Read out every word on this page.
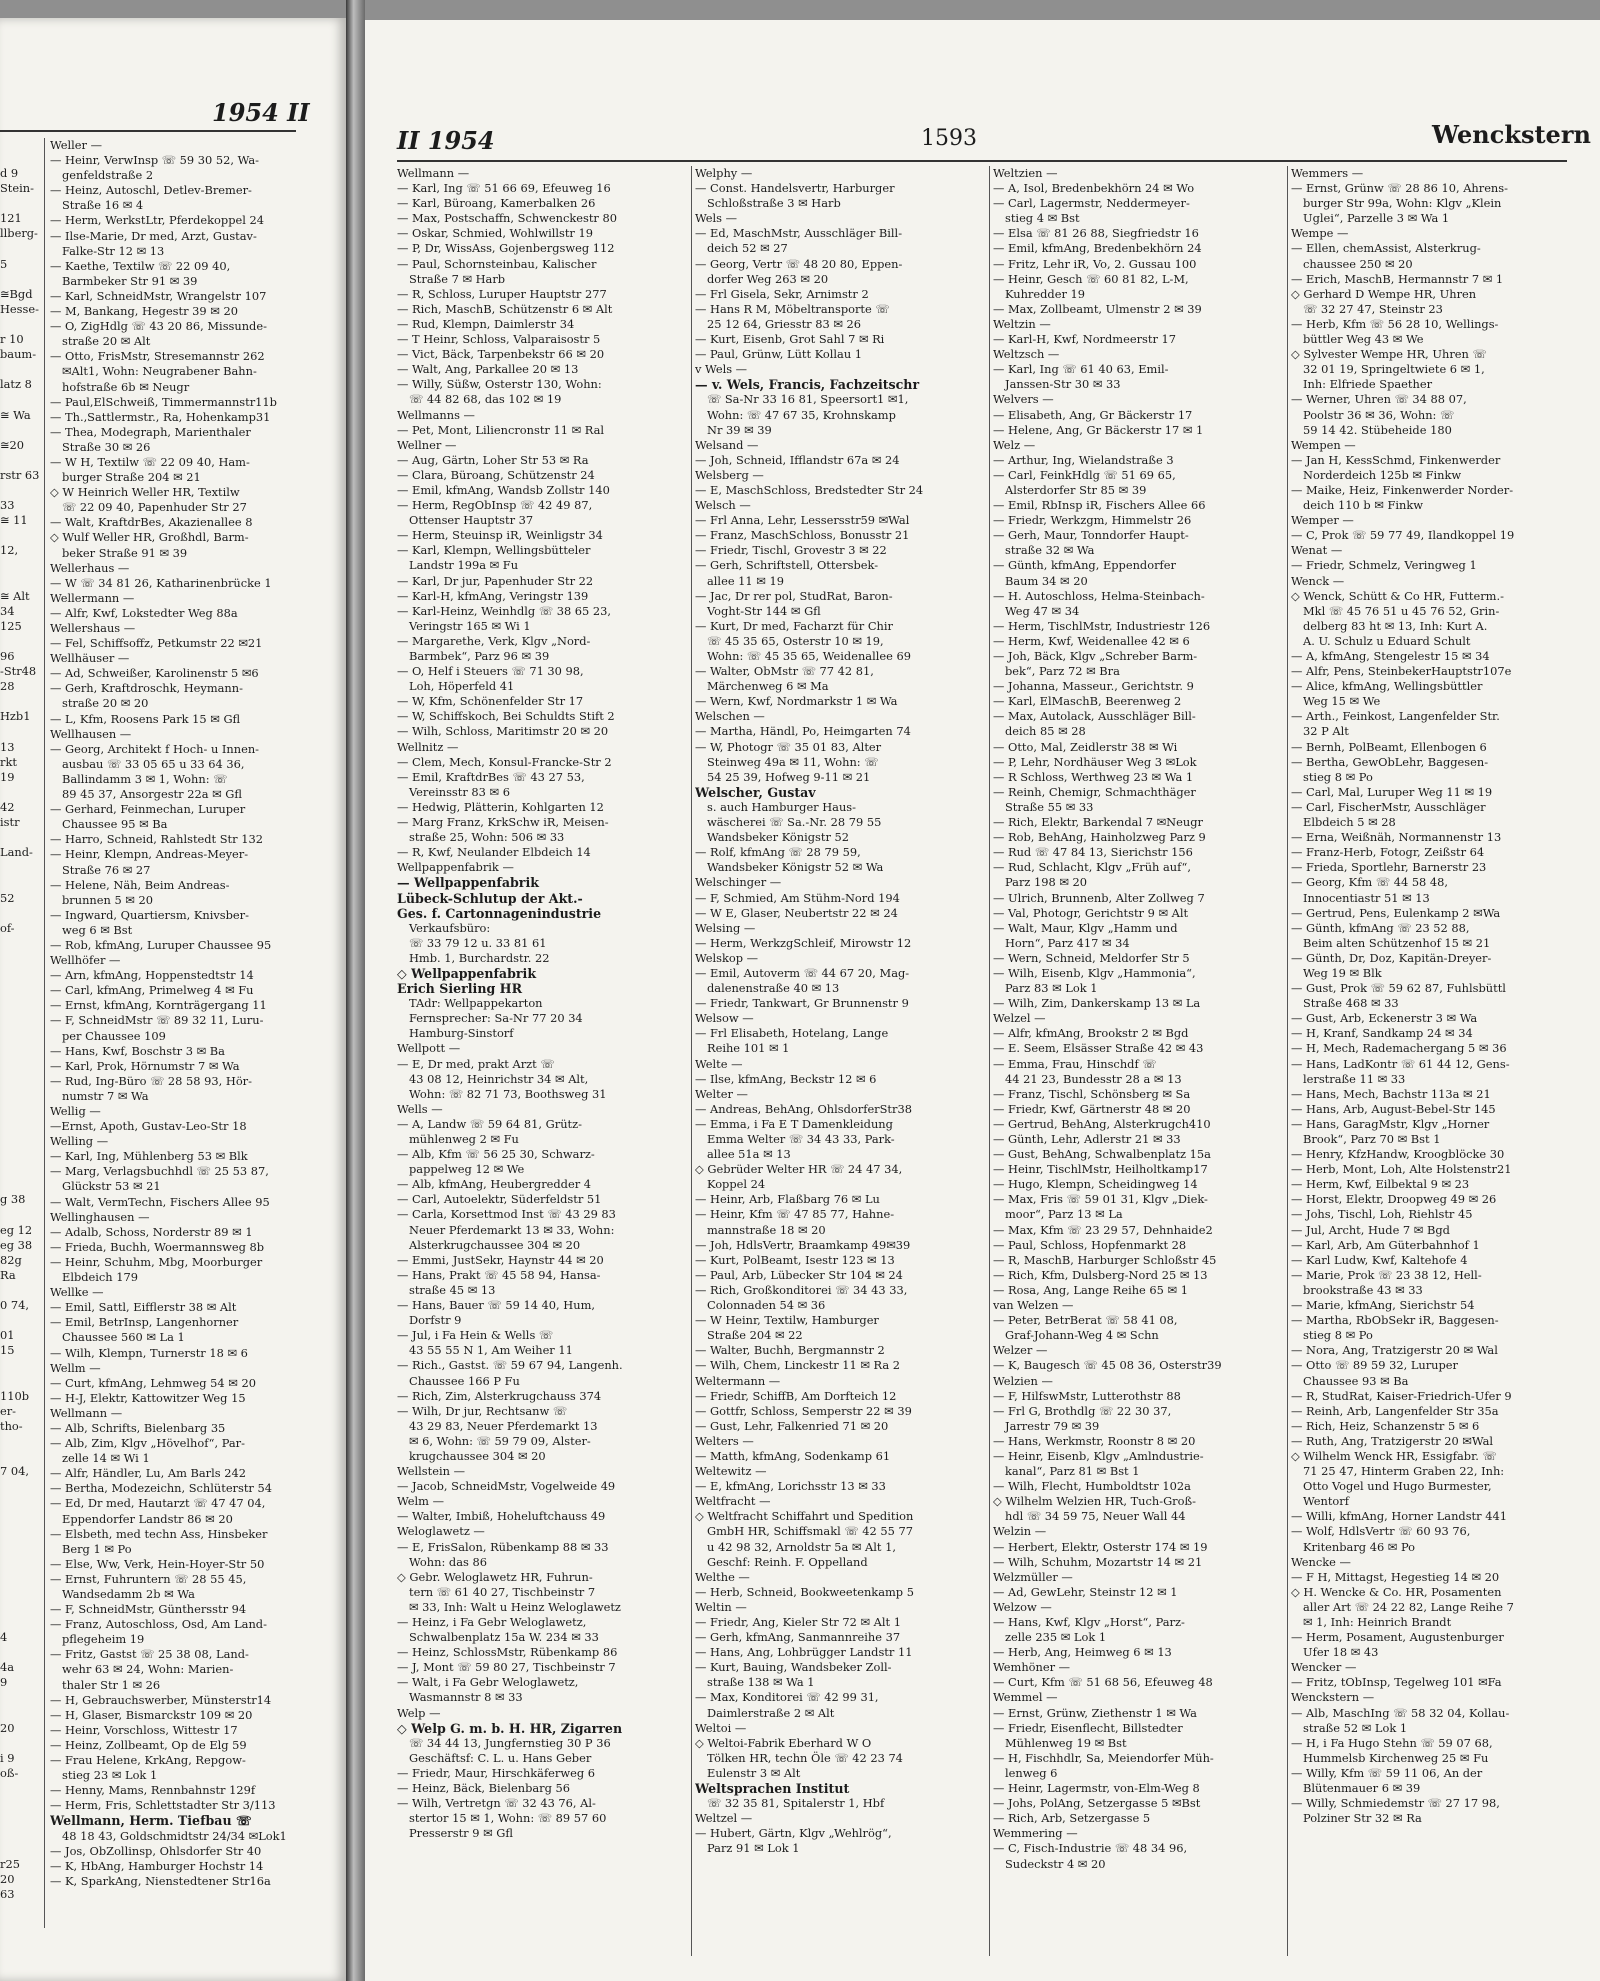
1954 II
Weller —
— Heinr, VerwInsp ☏ 59 30 52, Wa-
genfeldstraße 2
— Heinz, Autoschl, Detlev-Bremer-
Straße 16 ✉ 4
— Herm, WerkstLtr, Pferdekoppel 24
— Ilse-Marie, Dr med, Arzt, Gustav-
Falke-Str 12 ✉ 13
— Kaethe, Textilw ☏ 22 09 40,
Barmbeker Str 91 ✉ 39
— Karl, SchneidMstr, Wrangelstr 107
— M, Bankang, Hegestr 39 ✉ 20
— O, ZigHdlg ☏ 43 20 86, Missunde-
straße 20 ✉ Alt
— Otto, FrisMstr, Stresemannstr 262
✉Alt1, Wohn: Neugrabener Bahn-
hofstraße 6b ✉ Neugr
— Paul,ElSchweiß, Timmermannstr11b
— Th.,Sattlermstr., Ra, Hohenkamp31
— Thea, Modegraph, Marienthaler
Straße 30 ✉ 26
— W H, Textilw ☏ 22 09 40, Ham-
burger Straße 204 ✉ 21
◇ W Heinrich Weller HR, Textilw
☏ 22 09 40, Papenhuder Str 27
— Walt, KraftdrBes, Akazienallee 8
◇ Wulf Weller HR, Großhdl, Barm-
beker Straße 91 ✉ 39
Wellerhaus —
— W ☏ 34 81 26, Katharinenbrücke 1
Wellermann —
— Alfr, Kwf, Lokstedter Weg 88a
Wellershaus —
— Fel, Schiffsoffz, Petkumstr 22 ✉21
Wellhäuser —
— Ad, Schweißer, Karolinenstr 5 ✉6
— Gerh, Kraftdroschk, Heymann-
straße 20 ✉ 20
— L, Kfm, Roosens Park 15 ✉ Gfl
Wellhausen —
— Georg, Architekt f Hoch- u Innen-
ausbau ☏ 33 05 65 u 33 64 36,
Ballindamm 3 ✉ 1, Wohn: ☏
89 45 37, Ansorgestr 22a ✉ Gfl
— Gerhard, Feinmechan, Luruper
Chaussee 95 ✉ Ba
— Harro, Schneid, Rahlstedt Str 132
— Heinr, Klempn, Andreas-Meyer-
Straße 76 ✉ 27
— Helene, Näh, Beim Andreas-
brunnen 5 ✉ 20
— Ingward, Quartiersm, Knivsber-
weg 6 ✉ Bst
— Rob, kfmAng, Luruper Chaussee 95
Wellhöfer —
— Arn, kfmAng, Hoppenstedtstr 14
— Carl, kfmAng, Primelweg 4 ✉ Fu
— Ernst, kfmAng, Kornträgergang 11
— F, SchneidMstr ☏ 89 32 11, Luru-
per Chaussee 109
— Hans, Kwf, Boschstr 3 ✉ Ba
— Karl, Prok, Hörnumstr 7 ✉ Wa
— Rud, Ing-Büro ☏ 28 58 93, Hör-
numstr 7 ✉ Wa
Wellig —
—Ernst, Apoth, Gustav-Leo-Str 18
Welling —
— Karl, Ing, Mühlenberg 53 ✉ Blk
— Marg, Verlagsbuchhdl ☏ 25 53 87,
Glückstr 53 ✉ 21
— Walt, VermTechn, Fischers Allee 95
Wellinghausen —
— Adalb, Schoss, Norderstr 89 ✉ 1
— Frieda, Buchh, Woermannsweg 8b
— Heinr, Schuhm, Mbg, Moorburger
Elbdeich 179
Wellke —
— Emil, Sattl, Eifflerstr 38 ✉ Alt
— Emil, BetrInsp, Langenhorner
Chaussee 560 ✉ La 1
— Wilh, Klempn, Turnerstr 18 ✉ 6
Wellm —
— Curt, kfmAng, Lehmweg 54 ✉ 20
— H-J, Elektr, Kattowitzer Weg 15
Wellmann —
— Alb, Schrifts, Bielenbarg 35
— Alb, Zim, Klgv „Hövelhof“, Par-
zelle 14 ✉ Wi 1
— Alfr, Händler, Lu, Am Barls 242
— Bertha, Modezeichn, Schlüterstr 54
— Ed, Dr med, Hautarzt ☏ 47 47 04,
Eppendorfer Landstr 86 ✉ 20
— Elsbeth, med techn Ass, Hinsbeker
Berg 1 ✉ Po
— Else, Ww, Verk, Hein-Hoyer-Str 50
— Ernst, Fuhruntern ☏ 28 55 45,
Wandsedamm 2b ✉ Wa
— F, SchneidMstr, Günthersstr 94
— Franz, Autoschloss, Osd, Am Land-
pflegeheim 19
— Fritz, Gastst ☏ 25 38 08, Land-
wehr 63 ✉ 24, Wohn: Marien-
thaler Str 1 ✉ 26
— H, Gebrauchswerber, Münsterstr14
— H, Glaser, Bismarckstr 109 ✉ 20
— Heinr, Vorschloss, Wittestr 17
— Heinz, Zollbeamt, Op de Elg 59
— Frau Helene, KrkAng, Repgow-
stieg 23 ✉ Lok 1
— Henny, Mams, Rennbahnstr 129f
— Herm, Fris, Schlettstadter Str 3/113
Wellmann, Herm. Tiefbau ☏
48 18 43, Goldschmidtstr 24/34 ✉Lok1
— Jos, ObZollinsp, Ohlsdorfer Str 40
— K, HbAng, Hamburger Hochstr 14
— K, SparkAng, Nienstedtener Str16a
d 9
Stein-
121
llberg-
5
≅Bgd
Hesse-
r 10
baum-
latz 8
≅ Wa
≅20
rstr 63
33
≅ 11
12,
≅ Alt
34
125
96
-Str48
28
Hzb1
13
rkt
19
42
istr
Land-
52
of-
g 38
eg 12
eg 38
82g
Ra
0 74,
01
15
110b
er-
tho-
7 04,
4
4a
9
20
i 9
oß-
r25
20
63
II 1954	1593	Wenckstern
Wellmann —
— Karl, Ing ☏ 51 66 69, Efeuweg 16
— Karl, Büroang, Kamerbalken 26
— Max, Postschaffn, Schwenckestr 80
— Oskar, Schmied, Wohlwillstr 19
— P, Dr, WissAss, Gojenbergsweg 112
— Paul, Schornsteinbau, Kalischer
Straße 7 ✉ Harb
— R, Schloss, Luruper Hauptstr 277
— Rich, MaschB, Schützenstr 6 ✉ Alt
— Rud, Klempn, Daimlerstr 34
— T Heinr, Schloss, Valparaisostr 5
— Vict, Bäck, Tarpenbekstr 66 ✉ 20
— Walt, Ang, Parkallee 20 ✉ 13
— Willy, Süßw, Osterstr 130, Wohn:
☏ 44 82 68, das 102 ✉ 19
Wellmanns —
— Pet, Mont, Liliencronstr 11 ✉ Ral
Wellner —
— Aug, Gärtn, Loher Str 53 ✉ Ra
— Clara, Büroang, Schützenstr 24
— Emil, kfmAng, Wandsb Zollstr 140
— Herm, RegObInsp ☏ 42 49 87,
Ottenser Hauptstr 37
— Herm, Steuinsp iR, Weinligstr 34
— Karl, Klempn, Wellingsbütteler
Landstr 199a ✉ Fu
— Karl, Dr jur, Papenhuder Str 22
— Karl-H, kfmAng, Veringstr 139
— Karl-Heinz, Weinhdlg ☏ 38 65 23,
Veringstr 165 ✉ Wi 1
— Margarethe, Verk, Klgv „Nord-
Barmbek“, Parz 96 ✉ 39
— O, Helf i Steuers ☏ 71 30 98,
Loh, Höperfeld 41
— W, Kfm, Schönenfelder Str 17
— W, Schiffskoch, Bei Schuldts Stift 2
— Wilh, Schloss, Maritimstr 20 ✉ 20
Wellnitz —
— Clem, Mech, Konsul-Francke-Str 2
— Emil, KraftdrBes ☏ 43 27 53,
Vereinsstr 83 ✉ 6
— Hedwig, Plätterin, Kohlgarten 12
— Marg Franz, KrkSchw iR, Meisen-
straße 25, Wohn: 506 ✉ 33
— R, Kwf, Neulander Elbdeich 14
Wellpappenfabrik —
— Wellpappenfabrik
Lübeck-Schlutup der Akt.-
Ges. f. Cartonnagenindustrie
Verkaufsbüro:
☏ 33 79 12 u. 33 81 61
Hmb. 1, Burchardstr. 22
◇ Wellpappenfabrik
Erich Sierling HR
TAdr: Wellpappekarton
Fernsprecher: Sa-Nr 77 20 34
Hamburg-Sinstorf
Wellpott —
— E, Dr med, prakt Arzt ☏
43 08 12, Heinrichstr 34 ✉ Alt,
Wohn: ☏ 82 71 73, Boothsweg 31
Wells —
— A, Landw ☏ 59 64 81, Grütz-
mühlenweg 2 ✉ Fu
— Alb, Kfm ☏ 56 25 30, Schwarz-
pappelweg 12 ✉ We
— Alb, kfmAng, Heubergredder 4
— Carl, Autoelektr, Süderfeldstr 51
— Carla, Korsettmod Inst ☏ 43 29 83
Neuer Pferdemarkt 13 ✉ 33, Wohn:
Alsterkrugchaussee 304 ✉ 20
— Emmi, JustSekr, Haynstr 44 ✉ 20
— Hans, Prakt ☏ 45 58 94, Hansa-
straße 45 ✉ 13
— Hans, Bauer ☏ 59 14 40, Hum,
Dorfstr 9
— Jul, i Fa Hein & Wells ☏
43 55 55 N 1, Am Weiher 11
— Rich., Gastst. ☏ 59 67 94, Langenh.
Chaussee 166 P Fu
— Rich, Zim, Alsterkrugchauss 374
— Wilh, Dr jur, Rechtsanw ☏
43 29 83, Neuer Pferdemarkt 13
✉ 6, Wohn: ☏ 59 79 09, Alster-
krugchaussee 304 ✉ 20
Wellstein —
— Jacob, SchneidMstr, Vogelweide 49
Welm —
— Walter, Imbiß, Hoheluftchauss 49
Weloglawetz —
— E, FrisSalon, Rübenkamp 88 ✉ 33
Wohn: das 86
◇ Gebr. Weloglawetz HR, Fuhrun-
tern ☏ 61 40 27, Tischbeinstr 7
✉ 33, Inh: Walt u Heinz Weloglawetz
— Heinz, i Fa Gebr Weloglawetz,
Schwalbenplatz 15a W. 234 ✉ 33
— Heinz, SchlossMstr, Rübenkamp 86
— J, Mont ☏ 59 80 27, Tischbeinstr 7
— Walt, i Fa Gebr Weloglawetz,
Wasmannstr 8 ✉ 33
Welp —
◇ Welp G. m. b. H. HR, Zigarren
☏ 34 44 13, Jungfernstieg 30 P 36
Geschäftsf: C. L. u. Hans Geber
— Friedr, Maur, Hirschkäferweg 6
— Heinz, Bäck, Bielenbarg 56
— Wilh, Vertretgn ☏ 32 43 76, Al-
stertor 15 ✉ 1, Wohn: ☏ 89 57 60
Presserstr 9 ✉ Gfl
Welphy —
— Const. Handelsvertr, Harburger
Schloßstraße 3 ✉ Harb
Wels —
— Ed, MaschMstr, Ausschläger Bill-
deich 52 ✉ 27
— Georg, Vertr ☏ 48 20 80, Eppen-
dorfer Weg 263 ✉ 20
— Frl Gisela, Sekr, Arnimstr 2
— Hans R M, Möbeltransporte ☏
25 12 64, Griesstr 83 ✉ 26
— Kurt, Eisenb, Grot Sahl 7 ✉ Ri
— Paul, Grünw, Lütt Kollau 1
v Wels —
— v. Wels, Francis, Fachzeitschr
☏ Sa-Nr 33 16 81, Speersort1 ✉1,
Wohn: ☏ 47 67 35, Krohnskamp
Nr 39 ✉ 39
Welsand —
— Joh, Schneid, Ifflandstr 67a ✉ 24
Welsberg —
— E, MaschSchloss, Bredstedter Str 24
Welsch —
— Frl Anna, Lehr, Lessersstr59 ✉Wal
— Franz, MaschSchloss, Bonusstr 21
— Friedr, Tischl, Grovestr 3 ✉ 22
— Gerh, Schriftstell, Ottersbek-
allee 11 ✉ 19
— Jac, Dr rer pol, StudRat, Baron-
Voght-Str 144 ✉ Gfl
— Kurt, Dr med, Facharzt für Chir
☏ 45 35 65, Osterstr 10 ✉ 19,
Wohn: ☏ 45 35 65, Weidenallee 69
— Walter, ObMstr ☏ 77 42 81,
Märchenweg 6 ✉ Ma
— Wern, Kwf, Nordmarkstr 1 ✉ Wa
Welschen —
— Martha, Händl, Po, Heimgarten 74
— W, Photogr ☏ 35 01 83, Alter
Steinweg 49a ✉ 11, Wohn: ☏
54 25 39, Hofweg 9-11 ✉ 21
Welscher, Gustav
s. auch Hamburger Haus-
wäscherei ☏ Sa.-Nr. 28 79 55
Wandsbeker Königstr 52
— Rolf, kfmAng ☏ 28 79 59,
Wandsbeker Königstr 52 ✉ Wa
Welschinger —
— F, Schmied, Am Stühm-Nord 194
— W E, Glaser, Neubertstr 22 ✉ 24
Welsing —
— Herm, WerkzgSchleif, Mirowstr 12
Welskop —
— Emil, Autoverm ☏ 44 67 20, Mag-
dalenenstraße 40 ✉ 13
— Friedr, Tankwart, Gr Brunnenstr 9
Welsow —
— Frl Elisabeth, Hotelang, Lange
Reihe 101 ✉ 1
Welte —
— Ilse, kfmAng, Beckstr 12 ✉ 6
Welter —
— Andreas, BehAng, OhlsdorferStr38
— Emma, i Fa E T Damenkleidung
Emma Welter ☏ 34 43 33, Park-
allee 51a ✉ 13
◇ Gebrüder Welter HR ☏ 24 47 34,
Koppel 24
— Heinr, Arb, Flaßbarg 76 ✉ Lu
— Heinr, Kfm ☏ 47 85 77, Hahne-
mannstraße 18 ✉ 20
— Joh, HdlsVertr, Braamkamp 49✉39
— Kurt, PolBeamt, Isestr 123 ✉ 13
— Paul, Arb, Lübecker Str 104 ✉ 24
— Rich, Großkonditorei ☏ 34 43 33,
Colonnaden 54 ✉ 36
— W Heinr, Textilw, Hamburger
Straße 204 ✉ 22
— Walter, Buchh, Bergmannstr 2
— Wilh, Chem, Linckestr 11 ✉ Ra 2
Weltermann —
— Friedr, SchiffB, Am Dorfteich 12
— Gottfr, Schloss, Semperstr 22 ✉ 39
— Gust, Lehr, Falkenried 71 ✉ 20
Welters —
— Matth, kfmAng, Sodenkamp 61
Weltewitz —
— E, kfmAng, Lorichsstr 13 ✉ 33
Weltfracht —
◇ Weltfracht Schiffahrt und Spedition
GmbH HR, Schiffsmakl ☏ 42 55 77
u 42 98 32, Arnoldstr 5a ✉ Alt 1,
Geschf: Reinh. F. Oppelland
Welthe —
— Herb, Schneid, Bookweetenkamp 5
Weltin —
— Friedr, Ang, Kieler Str 72 ✉ Alt 1
— Gerh, kfmAng, Sanmannreihe 37
— Hans, Ang, Lohbrügger Landstr 11
— Kurt, Bauing, Wandsbeker Zoll-
straße 138 ✉ Wa 1
— Max, Konditorei ☏ 42 99 31,
Daimlerstraße 2 ✉ Alt
Weltoi —
◇ Weltoi-Fabrik Eberhard W O
Tölken HR, techn Öle ☏ 42 23 74
Eulenstr 3 ✉ Alt
Weltsprachen Institut
☏ 32 35 81, Spitalerstr 1, Hbf
Weltzel —
— Hubert, Gärtn, Klgv „Wehlrög“,
Parz 91 ✉ Lok 1
Weltzien —
— A, Isol, Bredenbekhörn 24 ✉ Wo
— Carl, Lagermstr, Neddermeyer-
stieg 4 ✉ Bst
— Elsa ☏ 81 26 88, Siegfriedstr 16
— Emil, kfmAng, Bredenbekhörn 24
— Fritz, Lehr iR, Vo, 2. Gussau 100
— Heinr, Gesch ☏ 60 81 82, L-M,
Kuhredder 19
— Max, Zollbeamt, Ulmenstr 2 ✉ 39
Weltzin —
— Karl-H, Kwf, Nordmeerstr 17
Weltzsch —
— Karl, Ing ☏ 61 40 63, Emil-
Janssen-Str 30 ✉ 33
Welvers —
— Elisabeth, Ang, Gr Bäckerstr 17
— Helene, Ang, Gr Bäckerstr 17 ✉ 1
Welz —
— Arthur, Ing, Wielandstraße 3
— Carl, FeinkHdlg ☏ 51 69 65,
Alsterdorfer Str 85 ✉ 39
— Emil, RbInsp iR, Fischers Allee 66
— Friedr, Werkzgm, Himmelstr 26
— Gerh, Maur, Tonndorfer Haupt-
straße 32 ✉ Wa
— Günth, kfmAng, Eppendorfer
Baum 34 ✉ 20
— H. Autoschloss, Helma-Steinbach-
Weg 47 ✉ 34
— Herm, TischlMstr, Industriestr 126
— Herm, Kwf, Weidenallee 42 ✉ 6
— Joh, Bäck, Klgv „Schreber Barm-
bek“, Parz 72 ✉ Bra
— Johanna, Masseur., Gerichtstr. 9
— Karl, ElMaschB, Beerenweg 2
— Max, Autolack, Ausschläger Bill-
deich 85 ✉ 28
— Otto, Mal, Zeidlerstr 38 ✉ Wi
— P, Lehr, Nordhäuser Weg 3 ✉Lok
— R Schloss, Werthweg 23 ✉ Wa 1
— Reinh, Chemigr, Schmachthäger
Straße 55 ✉ 33
— Rich, Elektr, Barkendal 7 ✉Neugr
— Rob, BehAng, Hainholzweg Parz 9
— Rud ☏ 47 84 13, Sierichstr 156
— Rud, Schlacht, Klgv „Früh auf“,
Parz 198 ✉ 20
— Ulrich, Brunnenb, Alter Zollweg 7
— Val, Photogr, Gerichtstr 9 ✉ Alt
— Walt, Maur, Klgv „Hamm und
Horn“, Parz 417 ✉ 34
— Wern, Schneid, Meldorfer Str 5
— Wilh, Eisenb, Klgv „Hammonia“,
Parz 83 ✉ Lok 1
— Wilh, Zim, Dankerskamp 13 ✉ La
Welzel —
— Alfr, kfmAng, Brookstr 2 ✉ Bgd
— E. Seem, Elsässer Straße 42 ✉ 43
— Emma, Frau, Hinschdf ☏
44 21 23, Bundesstr 28 a ✉ 13
— Franz, Tischl, Schönsberg ✉ Sa
— Friedr, Kwf, Gärtnerstr 48 ✉ 20
— Gertrud, BehAng, Alsterkrugch410
— Günth, Lehr, Adlerstr 21 ✉ 33
— Gust, BehAng, Schwalbenplatz 15a
— Heinr, TischlMstr, Heilholtkamp17
— Hugo, Klempn, Scheidingweg 14
— Max, Fris ☏ 59 01 31, Klgv „Diek-
moor“, Parz 13 ✉ La
— Max, Kfm ☏ 23 29 57, Dehnhaide2
— Paul, Schloss, Hopfenmarkt 28
— R, MaschB, Harburger Schloßstr 45
— Rich, Kfm, Dulsberg-Nord 25 ✉ 13
— Rosa, Ang, Lange Reihe 65 ✉ 1
van Welzen —
— Peter, BetrBerat ☏ 58 41 08,
Graf-Johann-Weg 4 ✉ Schn
Welzer —
— K, Baugesch ☏ 45 08 36, Osterstr39
Welzien —
— F, HilfswMstr, Lutterothstr 88
— Frl G, Brothdlg ☏ 22 30 37,
Jarrestr 79 ✉ 39
— Hans, Werkmstr, Roonstr 8 ✉ 20
— Heinr, Eisenb, Klgv „Amlndustrie-
kanal“, Parz 81 ✉ Bst 1
— Wilh, Flecht, Humboldtstr 102a
◇ Wilhelm Welzien HR, Tuch-Groß-
hdl ☏ 34 59 75, Neuer Wall 44
Welzin —
— Herbert, Elektr, Osterstr 174 ✉ 19
— Wilh, Schuhm, Mozartstr 14 ✉ 21
Welzmüller —
— Ad, GewLehr, Steinstr 12 ✉ 1
Welzow —
— Hans, Kwf, Klgv „Horst“, Parz-
zelle 235 ✉ Lok 1
— Herb, Ang, Heimweg 6 ✉ 13
Wemhöner —
— Curt, Kfm ☏ 51 68 56, Efeuweg 48
Wemmel —
— Ernst, Grünw, Ziethenstr 1 ✉ Wa
— Friedr, Eisenflecht, Billstedter
Mühlenweg 19 ✉ Bst
— H, Fischhdlr, Sa, Meiendorfer Müh-
lenweg 6
— Heinr, Lagermstr, von-Elm-Weg 8
— Johs, PolAng, Setzergasse 5 ✉Bst
— Rich, Arb, Setzergasse 5
Wemmering —
— C, Fisch-Industrie ☏ 48 34 96,
Sudeckstr 4 ✉ 20
Wemmers —
— Ernst, Grünw ☏ 28 86 10, Ahrens-
burger Str 99a, Wohn: Klgv „Klein
Uglei“, Parzelle 3 ✉ Wa 1
Wempe —
— Ellen, chemAssist, Alsterkrug-
chaussee 250 ✉ 20
— Erich, MaschB, Hermannstr 7 ✉ 1
◇ Gerhard D Wempe HR, Uhren
☏ 32 27 47, Steinstr 23
— Herb, Kfm ☏ 56 28 10, Wellings-
büttler Weg 43 ✉ We
◇ Sylvester Wempe HR, Uhren ☏
32 01 19, Springeltwiete 6 ✉ 1,
Inh: Elfriede Spaether
— Werner, Uhren ☏ 34 88 07,
Poolstr 36 ✉ 36, Wohn: ☏
59 14 42. Stübeheide 180
Wempen —
— Jan H, KessSchmd, Finkenwerder
Norderdeich 125b ✉ Finkw
— Maike, Heiz, Finkenwerder Norder-
deich 110 b ✉ Finkw
Wemper —
— C, Prok ☏ 59 77 49, Ilandkoppel 19
Wenat —
— Friedr, Schmelz, Veringweg 1
Wenck —
◇ Wenck, Schütt & Co HR, Futterm.-
Mkl ☏ 45 76 51 u 45 76 52, Grin-
delberg 83 ht ✉ 13, Inh: Kurt A.
A. U. Schulz u Eduard Schult
— A, kfmAng, Stengelestr 15 ✉ 34
— Alfr, Pens, SteinbekerHauptstr107e
— Alice, kfmAng, Wellingsbüttler
Weg 15 ✉ We
— Arth., Feinkost, Langenfelder Str.
32 P Alt
— Bernh, PolBeamt, Ellenbogen 6
— Bertha, GewObLehr, Baggesen-
stieg 8 ✉ Po
— Carl, Mal, Luruper Weg 11 ✉ 19
— Carl, FischerMstr, Ausschläger
Elbdeich 5 ✉ 28
— Erna, Weißnäh, Normannenstr 13
— Franz-Herb, Fotogr, Zeißstr 64
— Frieda, Sportlehr, Barnerstr 23
— Georg, Kfm ☏ 44 58 48,
Innocentiastr 51 ✉ 13
— Gertrud, Pens, Eulenkamp 2 ✉Wa
— Günth, kfmAng ☏ 23 52 88,
Beim alten Schützenhof 15 ✉ 21
— Günth, Dr, Doz, Kapitän-Dreyer-
Weg 19 ✉ Blk
— Gust, Prok ☏ 59 62 87, Fuhlsbüttl
Straße 468 ✉ 33
— Gust, Arb, Eckenerstr 3 ✉ Wa
— H, Kranf, Sandkamp 24 ✉ 34
— H, Mech, Rademachergang 5 ✉ 36
— Hans, LadKontr ☏ 61 44 12, Gens-
lerstraße 11 ✉ 33
— Hans, Mech, Bachstr 113a ✉ 21
— Hans, Arb, August-Bebel-Str 145
— Hans, GaragMstr, Klgv „Horner
Brook“, Parz 70 ✉ Bst 1
— Henry, KfzHandw, Kroogblöcke 30
— Herb, Mont, Loh, Alte Holstenstr21
— Herm, Kwf, Eilbektal 9 ✉ 23
— Horst, Elektr, Droopweg 49 ✉ 26
— Johs, Tischl, Loh, Riehlstr 45
— Jul, Archt, Hude 7 ✉ Bgd
— Karl, Arb, Am Güterbahnhof 1
— Karl Ludw, Kwf, Kaltehofe 4
— Marie, Prok ☏ 23 38 12, Hell-
brookstraße 43 ✉ 33
— Marie, kfmAng, Sierichstr 54
— Martha, RbObSekr iR, Baggesen-
stieg 8 ✉ Po
— Nora, Ang, Tratzigerstr 20 ✉ Wal
— Otto ☏ 89 59 32, Luruper
Chaussee 93 ✉ Ba
— R, StudRat, Kaiser-Friedrich-Ufer 9
— Reinh, Arb, Langenfelder Str 35a
— Rich, Heiz, Schanzenstr 5 ✉ 6
— Ruth, Ang, Tratzigerstr 20 ✉Wal
◇ Wilhelm Wenck HR, Essigfabr. ☏
71 25 47, Hinterm Graben 22, Inh:
Otto Vogel und Hugo Burmester,
Wentorf
— Willi, kfmAng, Horner Landstr 441
— Wolf, HdlsVertr ☏ 60 93 76,
Kritenbarg 46 ✉ Po
Wencke —
— F H, Mittagst, Hegestieg 14 ✉ 20
◇ H. Wencke & Co. HR, Posamenten
aller Art ☏ 24 22 82, Lange Reihe 7
✉ 1, Inh: Heinrich Brandt
— Herm, Posament, Augustenburger
Ufer 18 ✉ 43
Wencker —
— Fritz, tObInsp, Tegelweg 101 ✉Fa
Wenckstern —
— Alb, MaschIng ☏ 58 32 04, Kollau-
straße 52 ✉ Lok 1
— H, i Fa Hugo Stehn ☏ 59 07 68,
Hummelsb Kirchenweg 25 ✉ Fu
— Willy, Kfm ☏ 59 11 06, An der
Blütenmauer 6 ✉ 39
— Willy, Schmiedemstr ☏ 27 17 98,
Polziner Str 32 ✉ Ra
